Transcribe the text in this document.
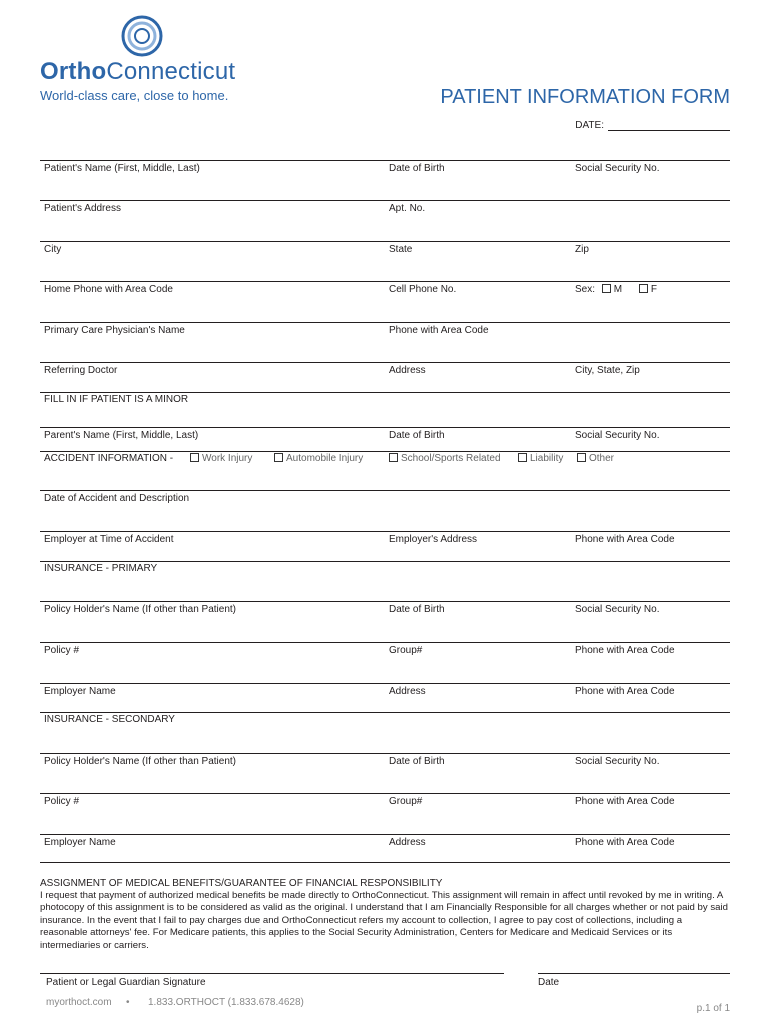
OrthoConnecticut
World-class care, close to home.	PATIENT INFORMATION FORM
DATE:
Patient's Name (First, Middle, Last)	Date of Birth	Social Security No.
Patient's Address	Apt. No.
City	State	Zip
Home Phone with Area Code	Cell Phone No.	Sex: M	F
Primary Care Physician's Name	Phone with Area Code
Referring Doctor	Address	City, State, Zip
FILL IN IF PATIENT IS A MINOR
Parent's Name (First, Middle, Last)	Date of Birth	Social Security No.
ACCIDENT INFORMATION -	Work Injury	Automobile Injury	School/Sports Related	Liability	Other
Date of Accident and Description
Employer at Time of Accident	Employer's Address	Phone with Area Code
INSURANCE - PRIMARY
Policy Holder's Name (If other than Patient)	Date of Birth	Social Security No.
Policy #	Group#	Phone with Area Code
Employer Name	Address	Phone with Area Code
INSURANCE - SECONDARY
Policy Holder's Name (If other than Patient)	Date of Birth	Social Security No.
Policy #	Group#	Phone with Area Code
Employer Name	Address	Phone with Area Code
ASSIGNMENT OF MEDICAL BENEFITS/GUARANTEE OF FINANCIAL RESPONSIBILITY
I request that payment of authorized medical benefits be made directly to OrthoConnecticut. This assignment will remain in affect until revoked by me in writing. A photocopy of this assignment is to be considered as valid as the original. I understand that I am Financially Responsible for all charges whether or not paid by said insurance. In the event that I fail to pay charges due and OrthoConnecticut refers my account to collection, I agree to pay cost of collections, including a reasonable attorneys' fee. For Medicare patients, this applies to the Social Security Administration, Centers for Medicare and Medicaid Services or its intermediaries or carriers.
Patient or Legal Guardian Signature	Date
myorthoct.com • 1.833.ORTHOCT (1.833.678.4628)
p.1 of 1
